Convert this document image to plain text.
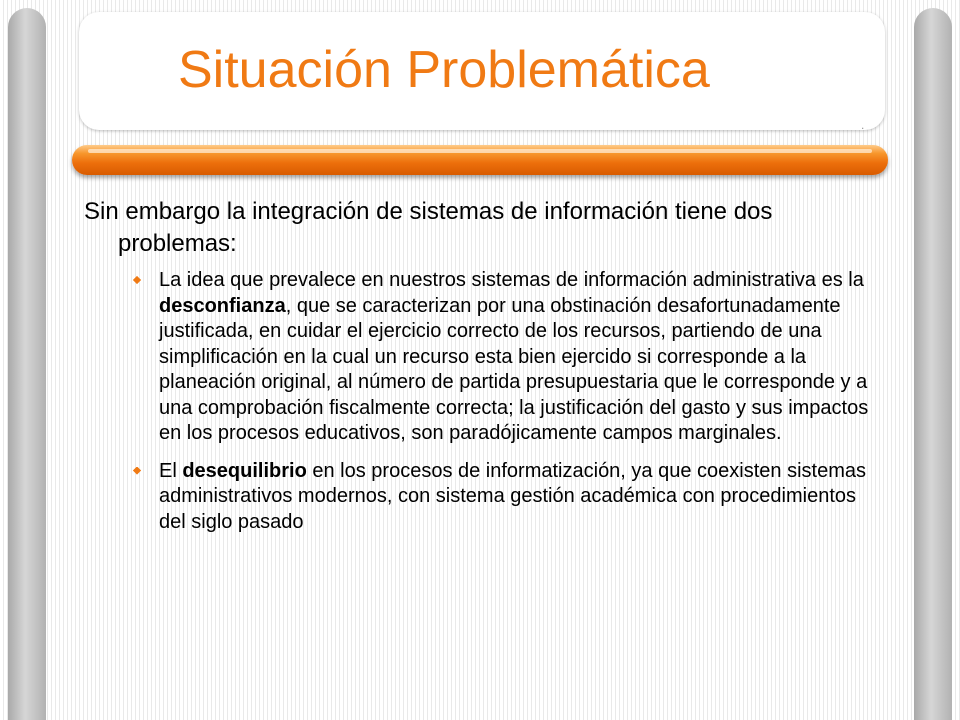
Situación Problemática
.

Sin embargo la integración de sistemas de información tiene dos problemas:

La idea que prevalece en nuestros sistemas de información administrativa es la desconfianza, que se caracterizan por una obstinación desafortunadamente justificada, en cuidar el ejercicio correcto de los recursos, partiendo de una simplificación en la cual un recurso esta bien ejercido si corresponde a la planeación original, al número de partida presupuestaria que le corresponde y a una comprobación fiscalmente correcta; la justificación del gasto y sus impactos en los procesos educativos, son paradójicamente campos marginales.
El desequilibrio en los procesos de informatización, ya que coexisten sistemas administrativos modernos, con sistema gestión académica con procedimientos del siglo pasado
